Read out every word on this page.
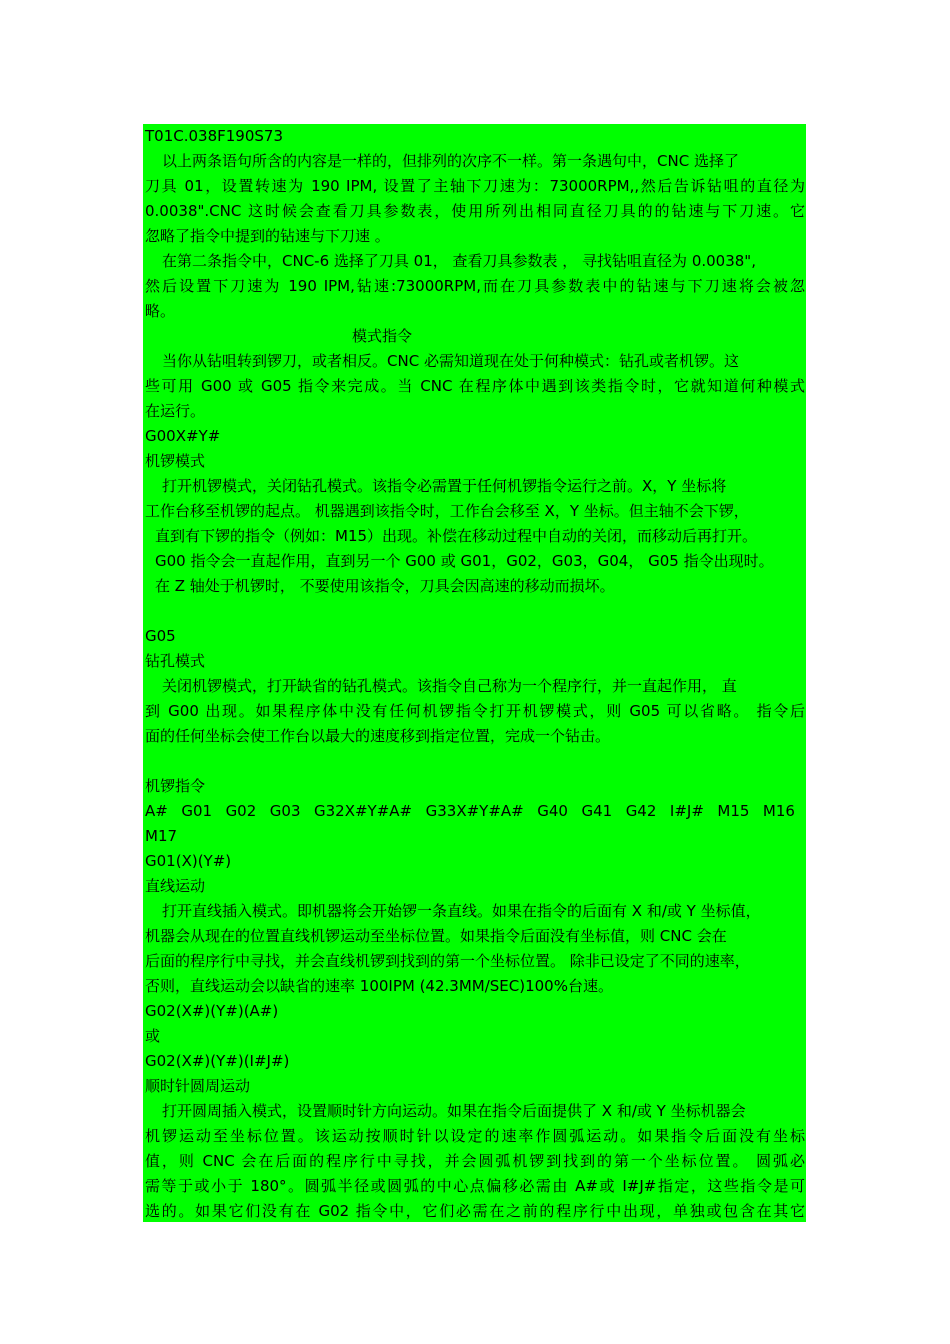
T01C.038F190S73
以上两条语句所含的内容是一样的，但排列的次序不一样。第一条遇句中，CNC 选择了
刀具 01，设置转速为 190 IPM, 设置了主轴下刀速为：73000RPM,,然后告诉钻咀的直径为
0.0038".CNC 这时候会查看刀具参数表，使用所列出相同直径刀具的的钻速与下刀速。它
忽略了指令中提到的钻速与下刀速 。
在第二条指令中，CNC-6 选择了刀具 01， 查看刀具参数表 ， 寻找钻咀直径为 0.0038",
然后设置下刀速为 190 IPM,钻速:73000RPM,而在刀具参数表中的钻速与下刀速将会被忽
略。
模式指令
当你从钻咀转到锣刀，或者相反。CNC 必需知道现在处于何种模式：钻孔或者机锣。这
些可用 G00 或 G05 指令来完成。当 CNC 在程序体中遇到该类指令时，它就知道何种模式
在运行。
G00X#Y#
机锣模式
打开机锣模式，关闭钻孔模式。该指令必需置于任何机锣指令运行之前。X，Y 坐标将
工作台移至机锣的起点。 机器遇到该指令时，工作台会移至 X，Y 坐标。但主轴不会下锣，
直到有下锣的指令（例如：M15）出现。补偿在移动过程中自动的关闭，而移动后再打开。
G00 指令会一直起作用，直到另一个 G00 或 G01，G02，G03，G04， G05 指令出现时。
在 Z 轴处于机锣时， 不要使用该指令，刀具会因高速的移动而损坏。
G05
钻孔模式
关闭机锣模式，打开缺省的钻孔模式。该指令自己称为一个程序行，并一直起作用， 直
到 G00 出现。如果程序体中没有任何机锣指令打开机锣模式，则 G05 可以省略。 指令后
面的任何坐标会使工作台以最大的速度移到指定位置，完成一个钻击。
机锣指令
A# G01 G02 G03 G32X#Y#A# G33X#Y#A# G40 G41 G42 I#J# M15 M16
M17
G01(X)(Y#)
直线运动
打开直线插入模式。即机器将会开始锣一条直线。如果在指令的后面有 X 和/或 Y 坐标值，
机器会从现在的位置直线机锣运动至坐标位置。如果指令后面没有坐标值，则 CNC 会在
后面的程序行中寻找，并会直线机锣到找到的第一个坐标位置。 除非已设定了不同的速率，
否则，直线运动会以缺省的速率 100IPM (42.3MM/SEC)100%台速。
G02(X#)(Y#)(A#)
或
G02(X#)(Y#)(I#J#)
顺时针圆周运动
打开圆周插入模式，设置顺时针方向运动。如果在指令后面提供了 X 和/或 Y 坐标机器会
机锣运动至坐标位置。该运动按顺时针以设定的速率作圆弧运动。如果指令后面没有坐标
值，则 CNC 会在后面的程序行中寻找，并会圆弧机锣到找到的第一个坐标位置。 圆弧必
需等于或小于 180°。圆弧半径或圆弧的中心点偏移必需由 A#或 I#J#指定，这些指令是可
选的。如果它们没有在 G02 指令中，它们必需在之前的程序行中出现，单独或包含在其它
